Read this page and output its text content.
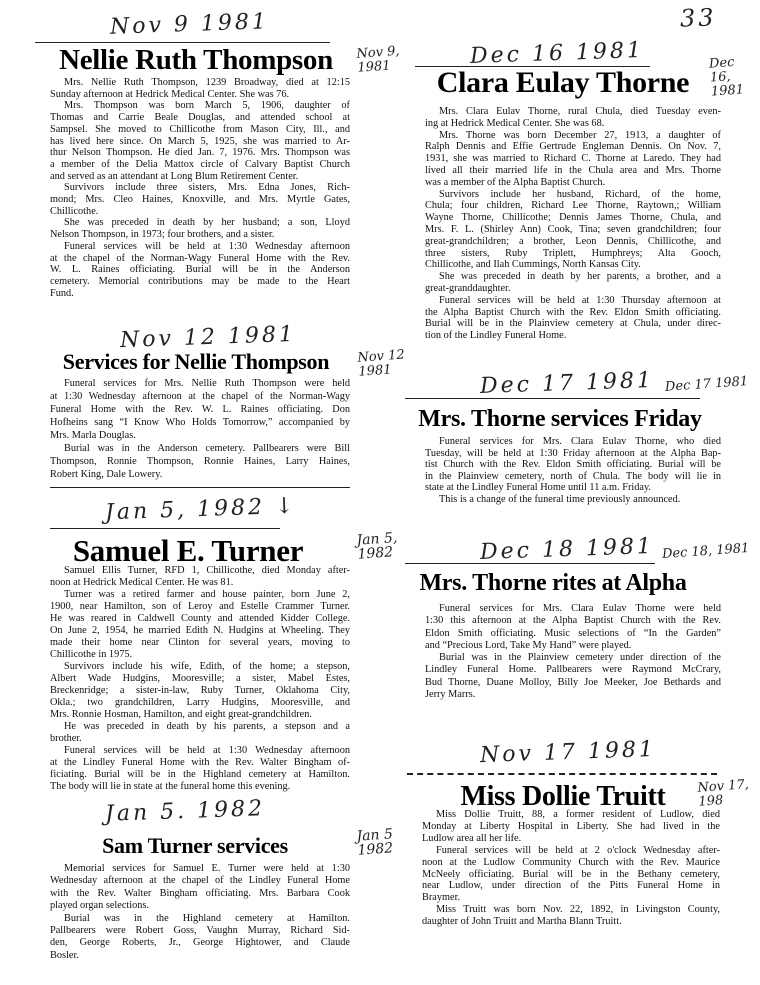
33
Nov 9 1981
Nellie Ruth Thompson	Nov 9, 1981
Mrs. Nellie Ruth Thompson, 1239 Broadway, died at 12:15
Sunday afternoon at Hedrick Medical Center. She was 76.
Mrs. Thompson was born March 5, 1906, daughter of
Thomas and Carrie Beale Douglas, and attended school at
Sampsel. She moved to Chillicothe from Mason City, Ill., and
has lived here since. On March 5, 1925, she was married to Ar-
thur Nelson Thompson. He died Jan. 7, 1976. Mrs. Thompson was
a member of the Delia Mattox circle of Calvary Baptist Church
and served as an attendant at Long Blum Retirement Center.
Survivors include three sisters, Mrs. Edna Jones, Rich-
mond; Mrs. Cleo Haines, Knoxville, and Mrs. Myrtle Gates,
Chillicothe.
She was preceded in death by her husband; a son, Lloyd
Nelson Thompson, in 1973; four brothers, and a sister.
Funeral services will be held at 1:30 Wednesday afternoon
at the chapel of the Norman-Wagy Funeral Home with the Rev.
W. L. Raines officiating. Burial will be in the Anderson
cemetery. Memorial contributions may be made to the Heart
Fund.
Nov 12 1981
Services for Nellie Thompson	Nov 12 1981
Funeral services for Mrs. Nellie Ruth Thompson were held
at 1:30 Wednesday afternoon at the chapel of the Norman-Wagy
Funeral Home with the Rev. W. L. Raines officiating. Don
Hofheins sang “I Know Who Holds Tomorrow,” accompanied by
Mrs. Marla Douglas.
Burial was in the Anderson cemetery. Pallbearers were Bill
Thompson, Ronnie Thompson, Ronnie Haines, Larry Haines,
Robert King, Dale Lowery.
Jan 5, 1982 ↓
Samuel E. Turner	Jan 5, 1982
Samuel Ellis Turner, RFD 1, Chillicothe, died Monday after-
noon at Hedrick Medical Center. He was 81.
Turner was a retired farmer and house painter, born June 2,
1900, near Hamilton, son of Leroy and Estelle Crammer Turner.
He was reared in Caldwell County and attended Kidder College.
On June 2, 1954, he married Edith N. Hudgins at Wheeling. They
made their home near Clinton for several years, moving to
Chillicothe in 1975.
Survivors include his wife, Edith, of the home; a stepson,
Albert Wade Hudgins, Mooresville; a sister, Mabel Estes,
Breckenridge; a sister-in-law, Ruby Turner, Oklahoma City,
Okla.; two grandchildren, Larry Hudgins, Mooresville, and
Mrs. Ronnie Hosman, Hamilton, and eight great-grandchildren.
He was preceded in death by his parents, a stepson and a
brother.
Funeral services will be held at 1:30 Wednesday afternoon
at the Lindley Funeral Home with the Rev. Walter Bingham of-
ficiating. Burial will be in the Highland cemetery at Hamilton.
The body will lie in state at the funeral home this evening.
Jan 5. 1982
Sam Turner services	Jan 5 1982
Memorial services for Samuel E. Turner were held at 1:30
Wednesday afternoon at the chapel of the Lindley Funeral Home
with the Rev. Walter Bingham officiating. Mrs. Barbara Cook
played organ selections.
Burial was in the Highland cemetery at Hamilton.
Pallbearers were Robert Goss, Vaughn Murray, Richard Sid-
den, George Roberts, Jr., George Hightower, and Claude
Bosler.
Dec 16 1981
Clara Eulay Thorne
Dec 16, 1981
Mrs. Clara Eulav Thorne, rural Chula, died Tuesday even-
ing at Hedrick Medical Center. She was 68.
Mrs. Thorne was born December 27, 1913, a daughter of
Ralph Dennis and Effie Gertrude Engleman Dennis. On Nov. 7,
1931, she was married to Richard C. Thorne at Laredo. They had
lived all their married life in the Chula area and Mrs. Thorne
was a member of the Alpha Baptist Church.
Survivors include her husband, Richard, of the home,
Chula; four children, Richard Lee Thorne, Raytown,; William
Wayne Thorne, Chillicothe; Dennis James Thorne, Chula, and
Mrs. F. L. (Shirley Ann) Cook, Tina; seven grandchildren; four
great-grandchildren; a brother, Leon Dennis, Chillicothe, and
three sisters, Ruby Triplett, Humphreys; Alta Gooch,
Chillicothe, and Ilah Cummings, North Kansas City.
She was preceded in death by her parents, a brother, and a
great-granddaughter.
Funeral services will be held at 1:30 Thursday afternoon at
the Alpha Baptist Church with the Rev. Eldon Smith officiating.
Burial will be in the Plainview cemetery at Chula, under direc-
tion of the Lindley Funeral Home.
Dec 17 1981
Mrs. Thorne services Friday
Dec 17 1981
Funeral services for Mrs. Clara Eulav Thorne, who died
Tuesday, will be held at 1:30 Friday afternoon at the Alpha Bap-
tist Church with the Rev. Eldon Smith officiating. Burial will be
in the Plainview cemetery, north of Chula. The body will lie in
state at the Lindley Funeral Home until 11 a.m. Friday.
This is a change of the funeral time previously announced.
Dec 18 1981
Mrs. Thorne rites at Alpha
Dec 18, 1981
Funeral services for Mrs. Clara Eulav Thorne were held
1:30 this afternoon at the Alpha Baptist Church with the Rev.
Eldon Smith officiating. Music selections of “In the Garden”
and “Precious Lord, Take My Hand” were played.
Burial was in the Plainview cemetery under direction of the
Lindley Funeral Home. Pallbearers were Raymond McCrary,
Bud Thorne, Duane Molloy, Billy Joe Meeker, Joe Bethards and
Jerry Marrs.
Nov 17 1981
Miss Dollie Truitt	Nov 17, 198
Miss Dollie Truitt, 88, a former resident of Ludlow, died
Monday at Liberty Hospital in Liberty. She had lived in the
Ludlow area all her life.
Funeral services will be held at 2 o'clock Wednesday after-
noon at the Ludlow Community Church with the Rev. Maurice
McNeely officiating. Burial will be in the Bethany cemetery,
near Ludlow, under direction of the Pitts Funeral Home in
Braymer.
Miss Truitt was born Nov. 22, 1892, in Livingston County,
daughter of John Truitt and Martha Blann Truitt.
